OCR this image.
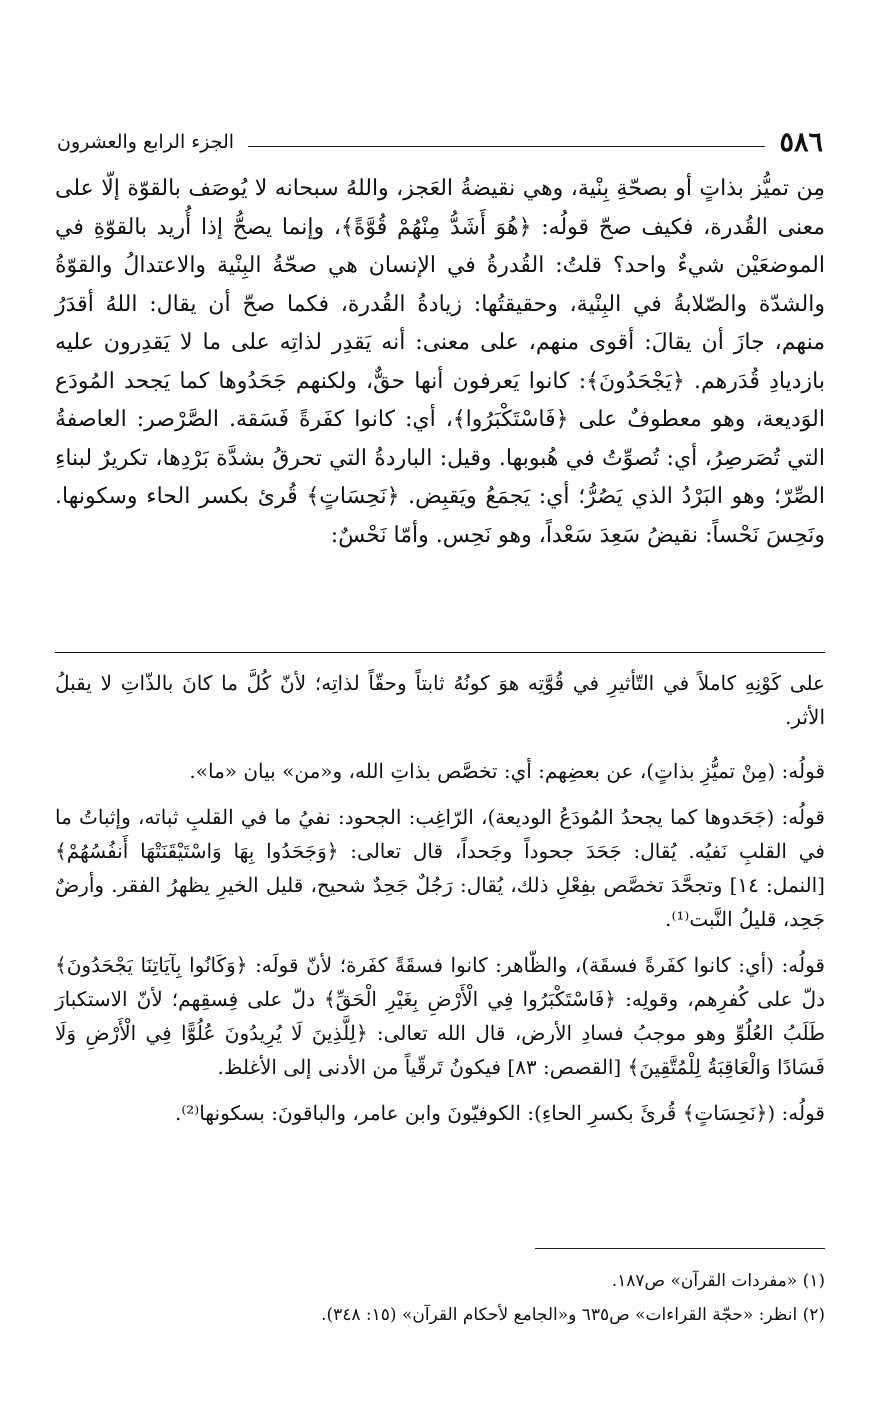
٥٨٦
الجزء الرابع والعشرون

مِن تميُّز بذاتٍ أو بصحّةِ بِنْية، وهي نقيضةُ العَجز، واللهُ سبحانه لا يُوصَف بالقوّة إلّا على معنى القُدرة، فكيف صحّ قولُه: ﴿هُوَ أَشَدُّ مِنْهُمْ قُوَّةً﴾، وإنما يصحُّ إذا أُريد بالقوّةِ في الموضعَيْن شيءٌ واحد؟ قلتُ: القُدرةُ في الإنسان هي صحّةُ البِنْية والاعتدالُ والقوّةُ والشدّة والصّلابةُ في البِنْية، وحقيقتُها: زيادةُ القُدرة، فكما صحّ أن يقال: اللهُ أقدَرُ منهم، جازَ أن يقالَ: أقوى منهم، على معنى: أنه يَقدِر لذاتِه على ما لا يَقدِرون عليه بازديادِ قُدَرهم. ﴿يَجْحَدُونَ﴾: كانوا يَعرفون أنها حقٌّ، ولكنهم جَحَدُوها كما يَجحد المُودَع الوَديعة، وهو معطوفٌ على ﴿فَاسْتَكْبَرُوا﴾، أي: كانوا كفَرةً فَسَقة. الصَّرْصر: العاصفةُ التي تُصَرصِرُ، أي: تُصوِّتُ في هُبوبها. وقيل: الباردةُ التي تحرقُ بشدَّة بَرْدِها، تكريرٌ لبناءِ الصِّرّ؛ وهو البَرْدُ الذي يَصُرُّ؛ أي: يَجمَعُ ويَقبِض. ﴿نَحِسَاتٍ﴾ قُرئ بكسر الحاء وسكونها. ونَحِسَ نَحْساً: نقيضُ سَعِدَ سَعْداً، وهو نَحِس. وأمّا نَحْسٌ:

على كَوْنِهِ كاملاً في التّأثيرِ في قُوَّتِه هوَ كونُهُ ثابتاً وحقّاً لذاتِه؛ لأنّ كُلَّ ما كانَ بالذّاتِ لا يقبلُ الأثر.

قولُه: (مِنْ تميُّزِ بذاتٍ)، عن بعضِهم: أي: تخصَّص بذاتِ الله، و«من» بيان «ما».

قولُه: (جَحَدوها كما يجحدُ المُودَعُ الوديعة)، الرّاغِب: الجحود: نفيُ ما في القلبِ ثباته، وإثباتُ ما في القلبِ نَفيُه. يُقال: جَحَدَ جحوداً وجَحداً، قال تعالى: ﴿وَجَحَدُوا بِهَا وَاسْتَيْقَنَتْهَا أَنفُسُهُمْ﴾ [النمل: ١٤] وتجحَّدَ تخصَّص بفِعْلِ ذلك، يُقال: رَجُلٌ جَحِدٌ شحيح، قليل الخيرِ يظهرُ الفقر. وأرضٌ جَحِد، قليلُ النَّبت⁽¹⁾.

قولُه: (أي: كانوا كفَرةً فسقَة)، والظّاهر: كانوا فسقَةً كفَرة؛ لأنّ قولَه: ﴿وَكَانُوا بِآيَاتِنَا يَجْحَدُونَ﴾ دلّ على كُفرِهم، وقولِه: ﴿فَاسْتَكْبَرُوا فِي الْأَرْضِ بِغَيْرِ الْحَقِّ﴾ دلّ على فِسقِهم؛ لأنّ الاستكبارَ طَلَبُ العُلُوِّ وهو موجبُ فسادِ الأرض، قال الله تعالى: ﴿لِلَّذِينَ لَا يُرِيدُونَ عُلُوًّا فِي الْأَرْضِ وَلَا فَسَادًا وَالْعَاقِبَةُ لِلْمُتَّقِينَ﴾ [القصص: ٨٣] فيكونُ تَرقّياً من الأدنى إلى الأغلظ.

قولُه: (﴿نَحِسَاتٍ﴾ قُرئَ بكسرِ الحاءِ): الكوفيّونَ وابن عامر، والباقونَ: بسكونها⁽²⁾.

(١) «مفردات القرآن» ص١٨٧.

(٢) انظر: «حجّة القراءات» ص٦٣٥ و«الجامع لأحكام القرآن» (١٥: ٣٤٨).
